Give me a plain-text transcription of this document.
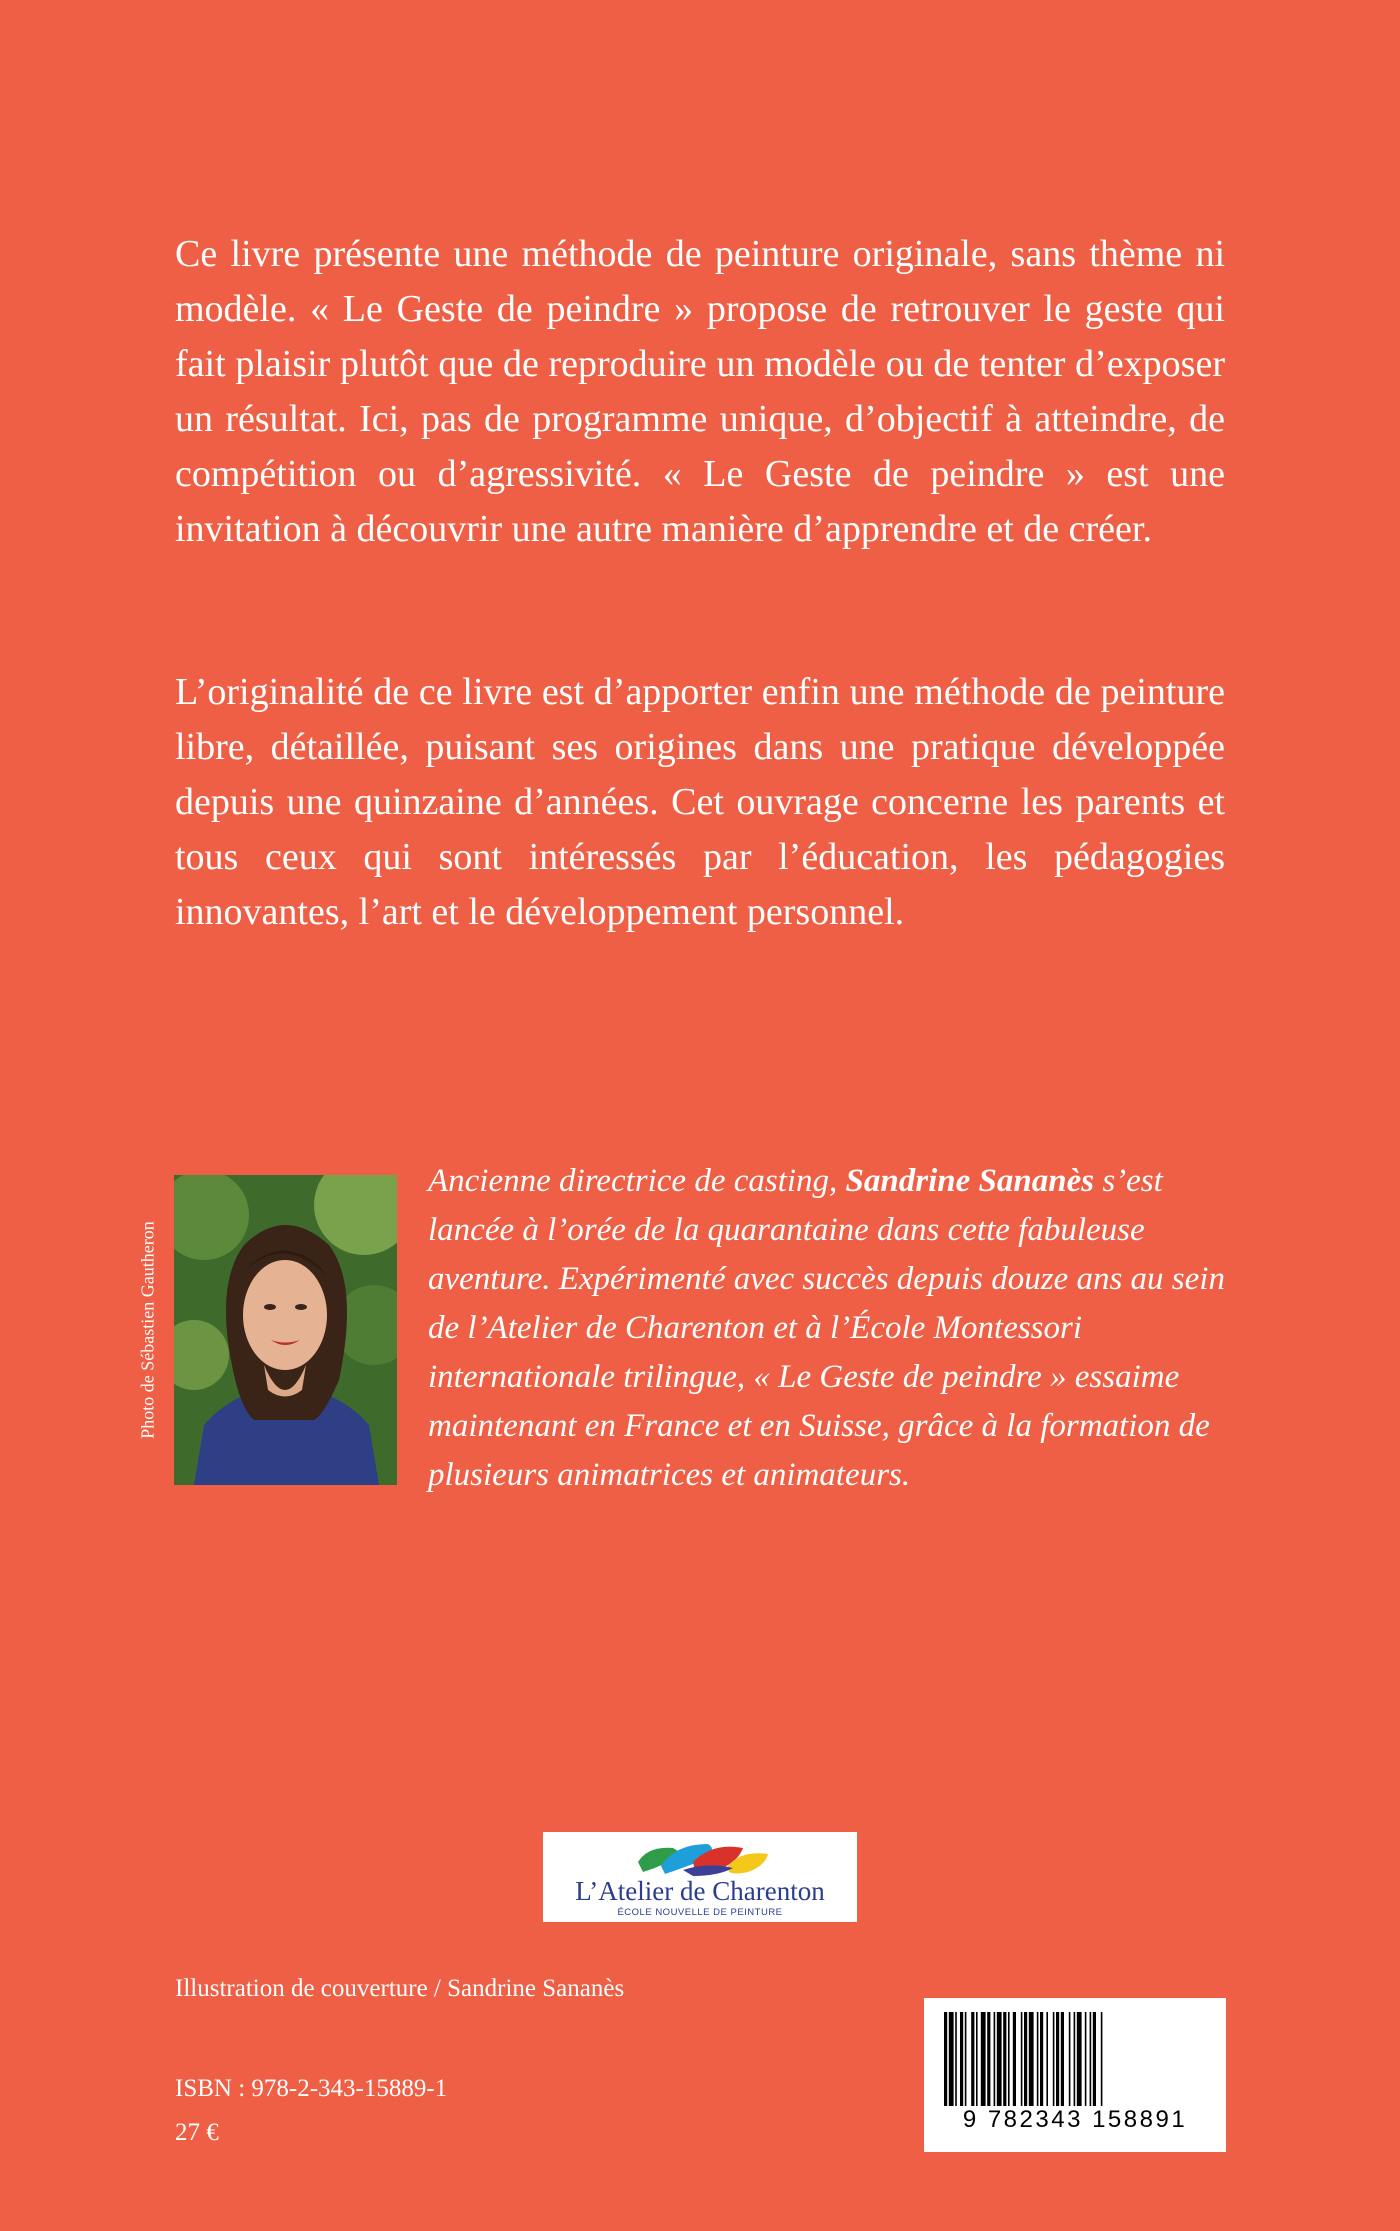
Ce livre présente une méthode de peinture originale, sans thème ni modèle. « Le Geste de peindre » propose de retrouver le geste qui fait plaisir plutôt que de reproduire un modèle ou de tenter d’exposer un résultat. Ici, pas de programme unique, d’objectif à atteindre, de compétition ou d’agressivité. « Le Geste de peindre » est une invitation à découvrir une autre manière d’apprendre et de créer.

L’originalité de ce livre est d’apporter enfin une méthode de peinture libre, détaillée, puisant ses origines dans une pratique développée depuis une quinzaine d’années. Cet ouvrage concerne les parents et tous ceux qui sont intéressés par l’éducation, les pédagogies innovantes, l’art et le développement personnel.

Photo de Sébastien Gautheron

Ancienne directrice de casting, Sandrine Sananès s’est lancée à l’orée de la quarantaine dans cette fabuleuse aventure. Expérimenté avec succès depuis douze ans au sein de l’Atelier de Charenton et à l’École Montessori internationale trilingue, « Le Geste de peindre » essaime maintenant en France et en Suisse, grâce à la formation de plusieurs animatrices et animateurs.

L’Atelier de Charenton
ÉCOLE NOUVELLE DE PEINTURE
Illustration de couverture / Sandrine Sananès
ISBN : 978-2-343-15889-1
27 €	9 782343 158891
